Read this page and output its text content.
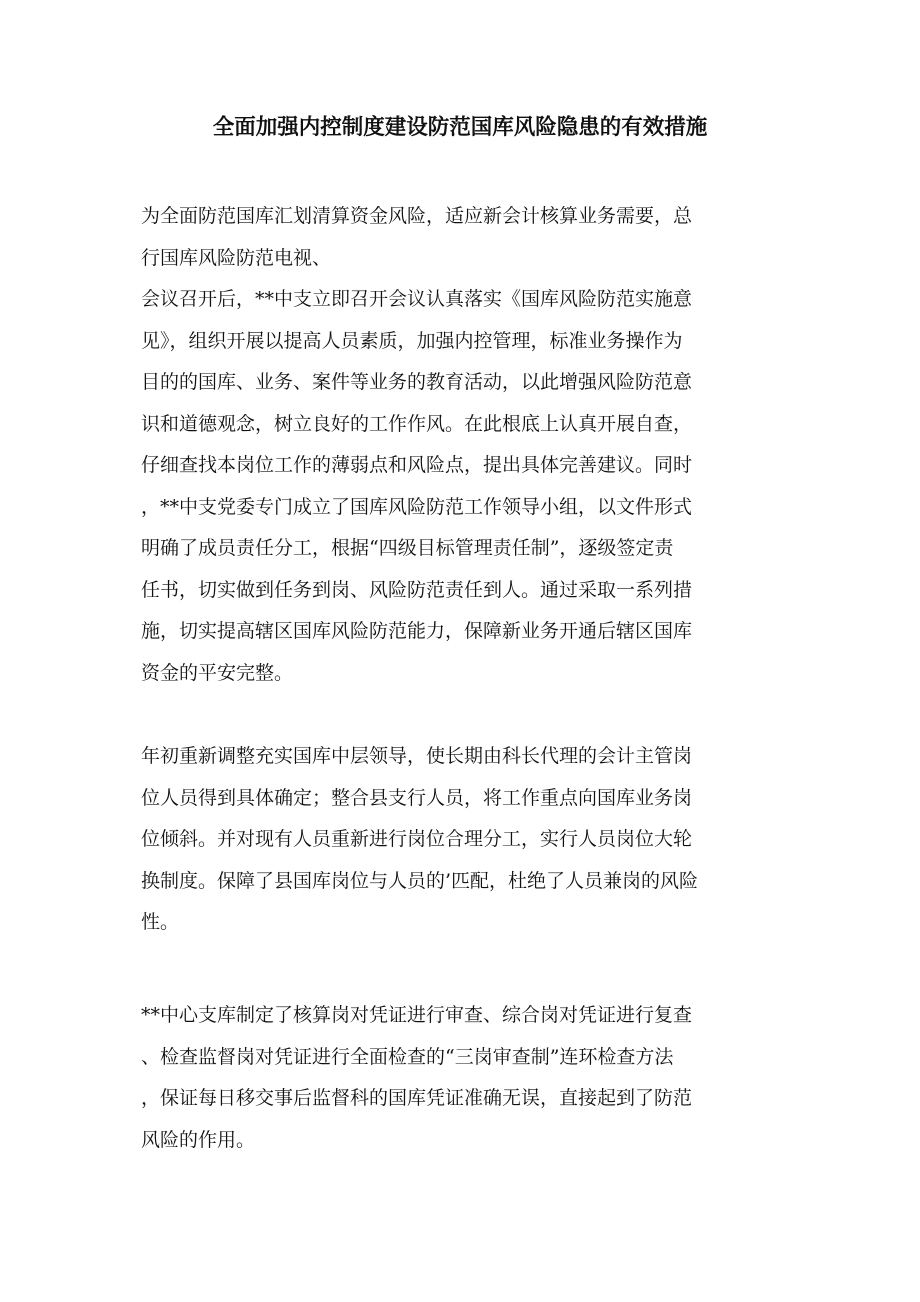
全面加强内控制度建设防范国库风险隐患的有效措施
为全面防范国库汇划清算资金风险，适应新会计核算业务需要，总
行国库风险防范电视、
会议召开后，**中支立即召开会议认真落实《国库风险防范实施意
见》，组织开展以提高人员素质，加强内控管理，标准业务操作为
目的的国库、业务、案件等业务的教育活动，以此增强风险防范意
识和道德观念，树立良好的工作作风。在此根底上认真开展自查，
仔细查找本岗位工作的薄弱点和风险点，提出具体完善建议。同时
，**中支党委专门成立了国库风险防范工作领导小组，以文件形式
明确了成员责任分工，根据“四级目标管理责任制”，逐级签定责
任书，切实做到任务到岗、风险防范责任到人。通过采取一系列措
施，切实提高辖区国库风险防范能力，保障新业务开通后辖区国库
资金的平安完整。
年初重新调整充实国库中层领导，使长期由科长代理的会计主管岗
位人员得到具体确定；整合县支行人员，将工作重点向国库业务岗
位倾斜。并对现有人员重新进行岗位合理分工，实行人员岗位大轮
换制度。保障了县国库岗位与人员的’匹配，杜绝了人员兼岗的风险
性。
**中心支库制定了核算岗对凭证进行审查、综合岗对凭证进行复查
、检查监督岗对凭证进行全面检查的“三岗审查制”连环检查方法
，保证每日移交事后监督科的国库凭证准确无误，直接起到了防范
风险的作用。
